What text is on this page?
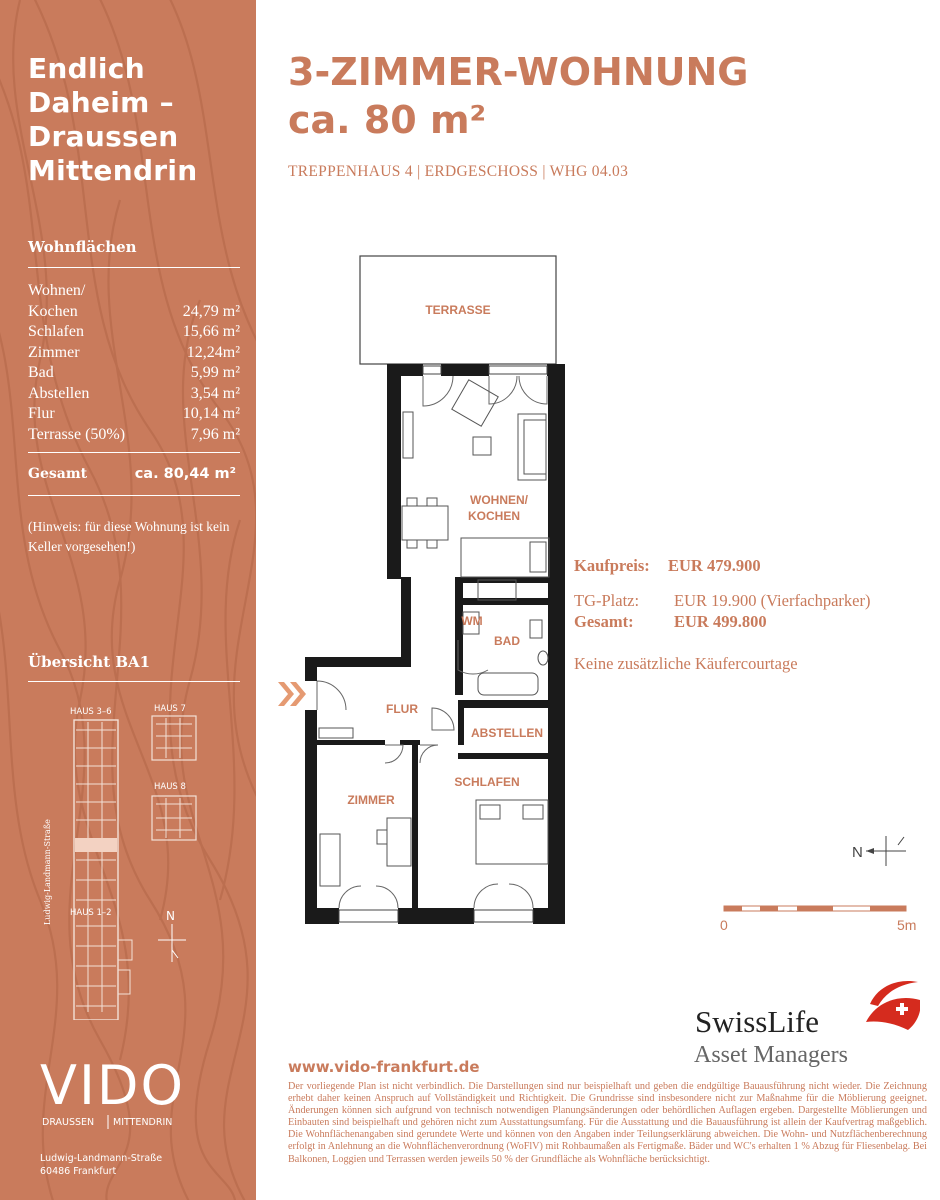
Endlich
Daheim –
Draussen
Mittendrin
Wohnflächen
Wohnen/
Kochen	24,79 m²
Schlafen	15,66 m²
Zimmer	12,24m²
Bad	5,99 m²
Abstellen	3,54 m²
Flur	10,14 m²
Terrasse (50%)	7,96 m²
Gesamt	ca. 80,44 m²
(Hinweis: für diese Wohnung ist kein Keller vorgesehen!)
Übersicht BA1
HAUS 3–6	HAUS 7
HAUS 8
HAUS 1–2
Ludwig-Landmann-Straße	N
VIDO
DRAUSSEN MITTENDRIN
Ludwig-Landmann-Straße
60486 Frankfurt
3-ZIMMER-WOHNUNG
ca. 80 m²
TREPPENHAUS 4 | ERDGESCHOSS | WHG 04.03
TERRASSE
WOHNEN/
KOCHEN
WM
BAD
FLUR
ABSTELLEN
SCHLAFEN
ZIMMER
Kaufpreis: EUR 479.900
TG-Platz: EUR 19.900 (Vierfachparker)
Gesamt: EUR 499.800
Keine zusätzliche Käufercourtage
N
0	5m
SwissLife
Asset Managers
www.vido-frankfurt.de
Der vorliegende Plan ist nicht verbindlich. Die Darstellungen sind nur beispielhaft und geben die endgültige Bauausführung nicht wieder. Die Zeichnung erhebt daher keinen Anspruch auf Vollständigkeit und Richtigkeit. Die Grundrisse sind insbesondere nicht zur Maßnahme für die Möblierung geeignet. Änderungen können sich aufgrund von technisch notwendigen Planungsänderungen oder behördlichen Auflagen ergeben. Dargestellte Möblierungen und Einbauten sind beispielhaft und gehören nicht zum Ausstattungsumfang. Für die Ausstattung und die Bauausführung ist allein der Kaufvertrag maßgeblich. Die Wohnflächenangaben sind gerundete Werte und können von den Angaben inder Teilungserklärung abweichen. Die Wohn- und Nutzflächenberechnung erfolgt in Anlehnung an die Wohnflächenverordnung (WoFlV) mit Rohbaumaßen als Fertigmaße. Bäder und WC's erhalten 1 % Abzug für Fliesenbelag. Bei Balkonen, Loggien und Terrassen werden jeweils 50 % der Grundfläche als Wohnfläche berücksichtigt.
